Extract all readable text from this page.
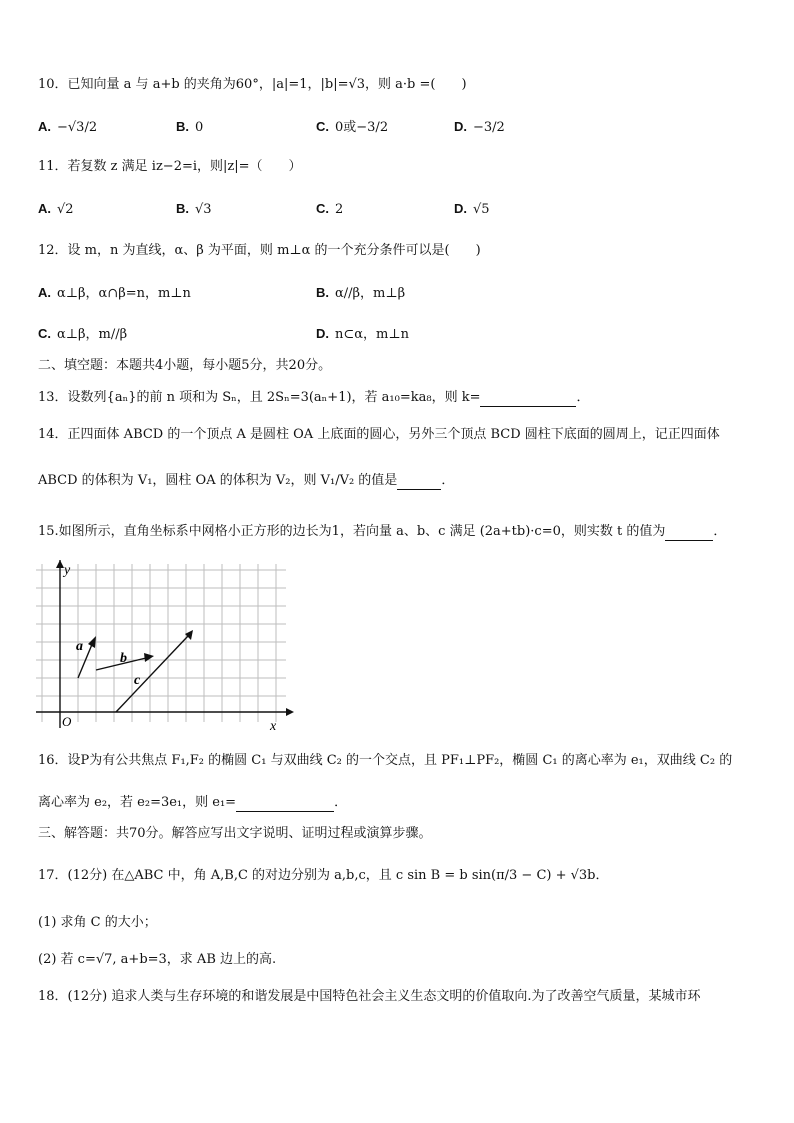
10．已知向量 a 与 a+b 的夹角为60°，|a|=1，|b|=√3，则 a·b =(　　)
A. −√3/2	B. 0	C. 0或−3/2	D. −3/2
11．若复数 z 满足 iz−2=i，则|z|=（　　）
A. √2	B. √3	C. 2	D. √5
12．设 m，n 为直线，α、β 为平面，则 m⊥α 的一个充分条件可以是(　　)
A. α⊥β，α∩β=n，m⊥n	B. α//β，m⊥β
C. α⊥β，m//β	D. n⊂α，m⊥n
二、填空题：本题共4小题，每小题5分，共20分。
13．设数列{aₙ}的前 n 项和为 Sₙ，且 2Sₙ=3(aₙ+1)，若 a₁₀=ka₈，则 k=	．
14．正四面体 ABCD 的一个顶点 A 是圆柱 OA 上底面的圆心，另外三个顶点 BCD 圆柱下底面的圆周上，记正四面体
ABCD 的体积为 V₁，圆柱 OA 的体积为 V₂，则 V₁/V₂ 的值是	．
15.如图所示，直角坐标系中网格小正方形的边长为1，若向量 a、b、c 满足 (2a+tb)·c=0，则实数 t 的值为	．
y
x
O
a
b
c
16．设P为有公共焦点 F₁,F₂ 的椭圆 C₁ 与双曲线 C₂ 的一个交点，且 PF₁⊥PF₂，椭圆 C₁ 的离心率为 e₁，双曲线 C₂ 的
离心率为 e₂，若 e₂=3e₁，则 e₁=	．
三、解答题：共70分。解答应写出文字说明、证明过程或演算步骤。
17．(12分) 在△ABC 中，角 A,B,C 的对边分别为 a,b,c，且 c sin B = b sin(π/3 − C) + √3b．
(1) 求角 C 的大小；
(2) 若 c=√7, a+b=3，求 AB 边上的高.
18．(12分) 追求人类与生存环境的和谐发展是中国特色社会主义生态文明的价值取向.为了改善空气质量，某城市环
